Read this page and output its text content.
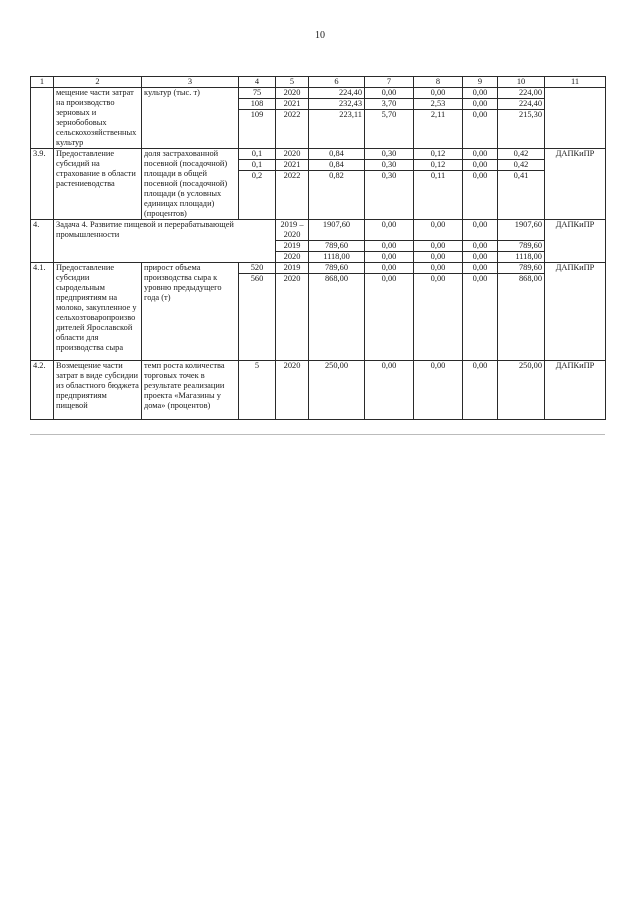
10
1	2	3	4	5	6	7	8	9	10	11
	мещение части затрат на производство зерновых и зернобобовых сельскохозяйственных культур	культур (тыс. т)	75	2020	224,40	0,00	0,00	0,00	224,00	
			108	2021	232,43	3,70	2,53	0,00	224,40	
			109	2022	223,11	5,70	2,11	0,00	215,30	
3.9.	Предоставление субсидий на страхование в области растениеводства	доля застрахованной посевной (посадочной) площади в общей посевной (посадочной) площади (в условных единицах площади) (процентов)	0,1	2020	0,84	0,30	0,12	0,00	0,42	ДАПКиПР
			0,1	2021	0,84	0,30	0,12	0,00	0,42	
			0,2	2022	0,82	0,30	0,11	0,00	0,41	
4.	Задача 4. Развитие пищевой и перерабатывающей промышленности			2019 – 2020	1907,60	0,00	0,00	0,00	1907,60	ДАПКиПР
				2019	789,60	0,00	0,00	0,00	789,60	
				2020	1118,00	0,00	0,00	0,00	1118,00	
4.1.	Предоставление субсидии сыродельным предприятиям на молоко, закупленное у сельхозтоваропроизводителей Ярославской области для производства сыра	прирост объема производства сыра к уровню предыдущего года (т)	520	2019	789,60	0,00	0,00	0,00	789,60	ДАПКиПР
			560	2020	868,00	0,00	0,00	0,00	868,00	
4.2.	Возмещение части затрат в виде субсидии из областного бюджета предприятиям пищевой	темп роста количества торговых точек в результате реализации проекта «Магазины у дома» (процентов)	5	2020	250,00	0,00	0,00	0,00	250,00	ДАПКиПР
